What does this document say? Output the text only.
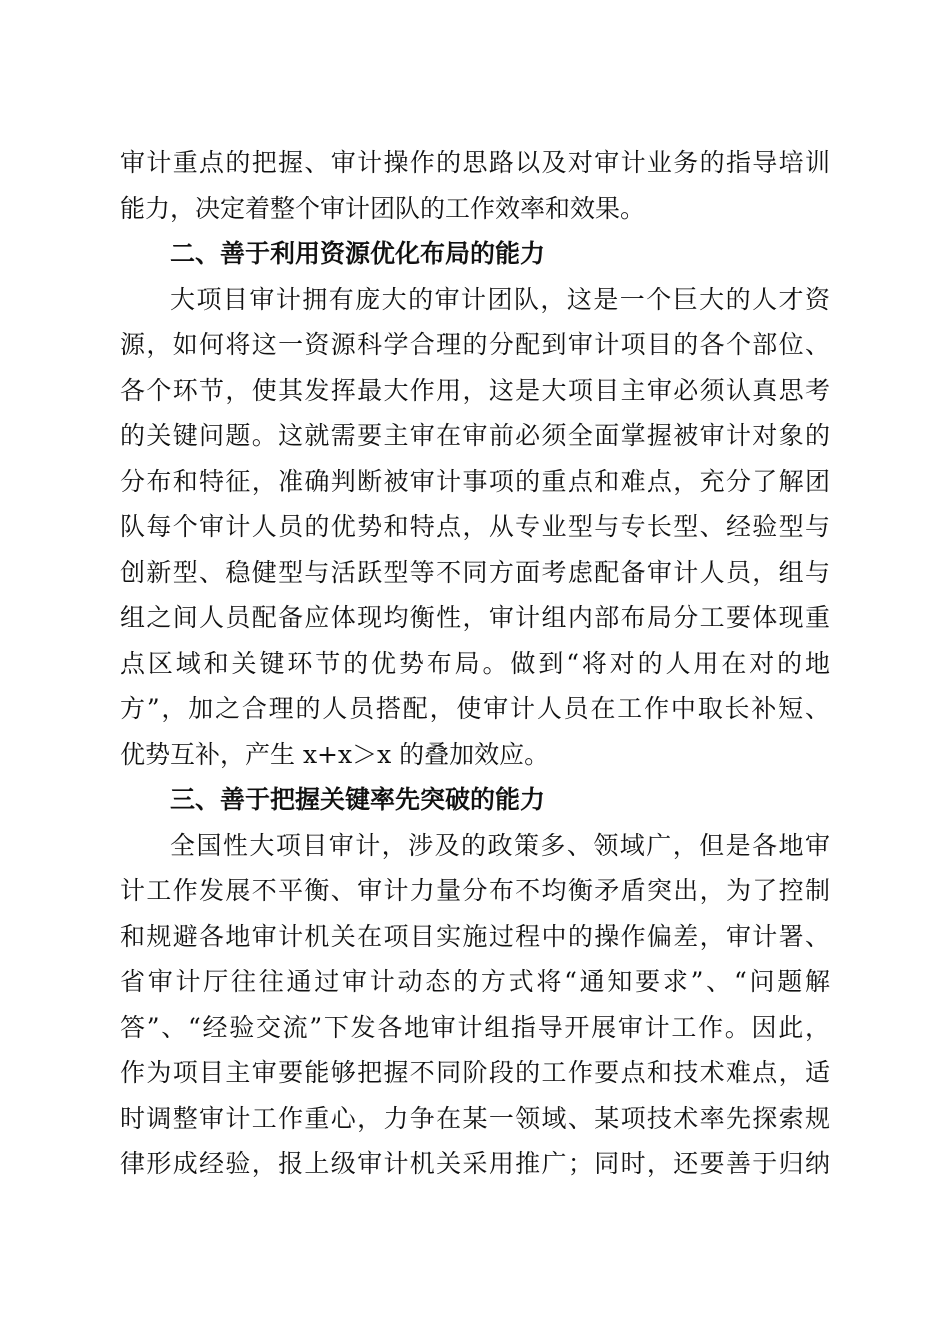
审计重点的把握、审计操作的思路以及对审计业务的指导培训
能力，决定着整个审计团队的工作效率和效果。
二、善于利用资源优化布局的能力
大项目审计拥有庞大的审计团队，这是一个巨大的人才资
源，如何将这一资源科学合理的分配到审计项目的各个部位、
各个环节，使其发挥最大作用，这是大项目主审必须认真思考
的关键问题。这就需要主审在审前必须全面掌握被审计对象的
分布和特征，准确判断被审计事项的重点和难点，充分了解团
队每个审计人员的优势和特点，从专业型与专长型、经验型与
创新型、稳健型与活跃型等不同方面考虑配备审计人员，组与
组之间人员配备应体现均衡性，审计组内部布局分工要体现重
点区域和关键环节的优势布局。做到“将对的人用在对的地
方”，加之合理的人员搭配，使审计人员在工作中取长补短、
优势互补，产生 x+x＞x 的叠加效应。
三、善于把握关键率先突破的能力
全国性大项目审计，涉及的政策多、领域广，但是各地审
计工作发展不平衡、审计力量分布不均衡矛盾突出，为了控制
和规避各地审计机关在项目实施过程中的操作偏差，审计署、
省审计厅往往通过审计动态的方式将“通知要求”、“问题解
答”、“经验交流”下发各地审计组指导开展审计工作。因此，
作为项目主审要能够把握不同阶段的工作要点和技术难点，适
时调整审计工作重心，力争在某一领域、某项技术率先探索规
律形成经验，报上级审计机关采用推广；同时，还要善于归纳
